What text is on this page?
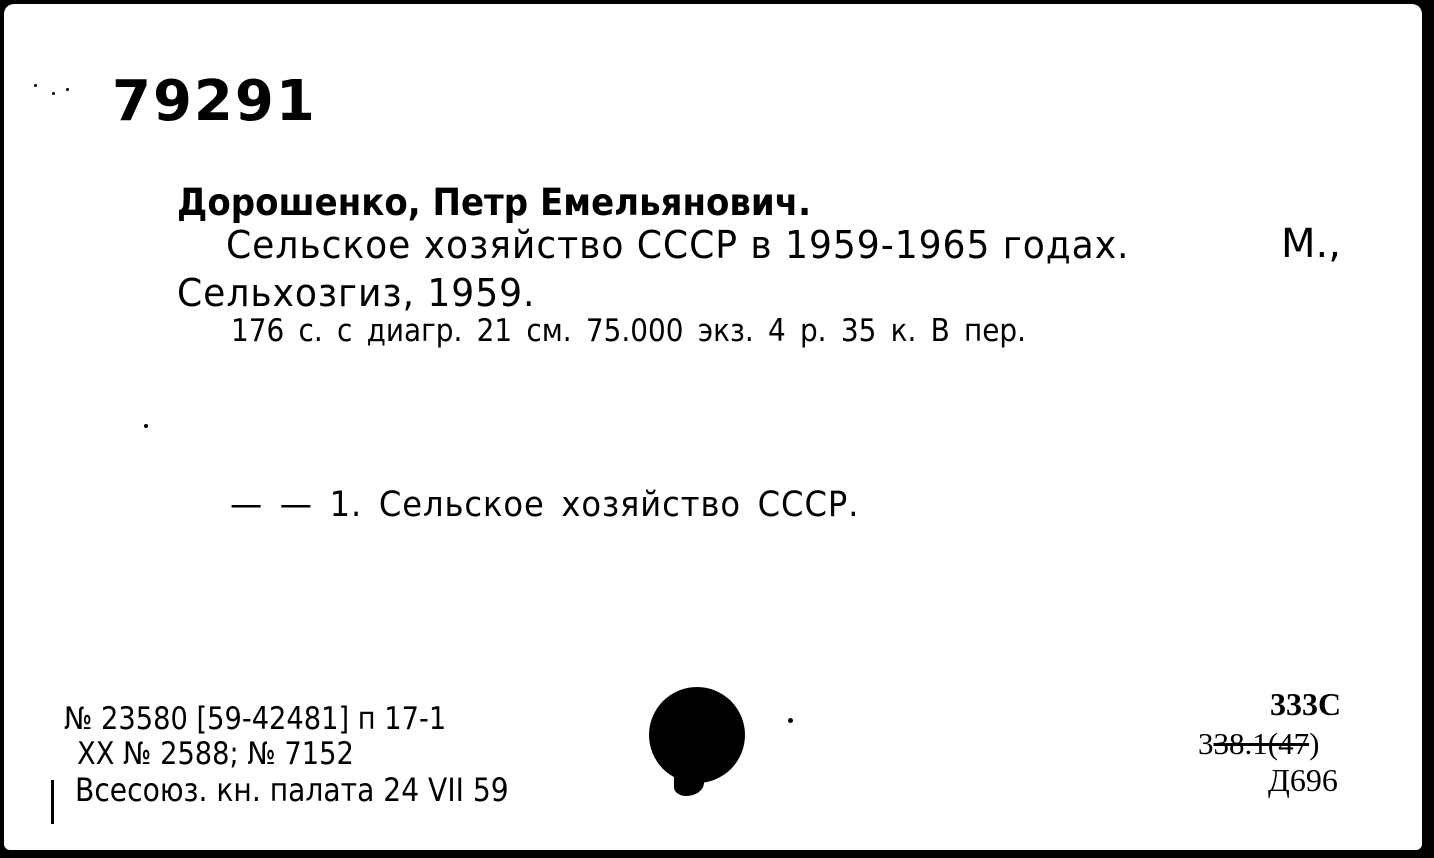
79291
Дорошенко, Петр Емельянович.
Сельское хозяйство СССР в 1959-1965 годах.	М.,
Сельхозгиз, 1959.
176 с. с диагр. 21 см. 75.000 экз. 4 р. 35 к. В пер.
— — 1. Сельское хозяйство СССР.
№ 23580 [59-42481] п 17-1
XX № 2588; № 7152
Всесоюз. кн. палата 24 VII 59
333С
338.1(47)
Д696
